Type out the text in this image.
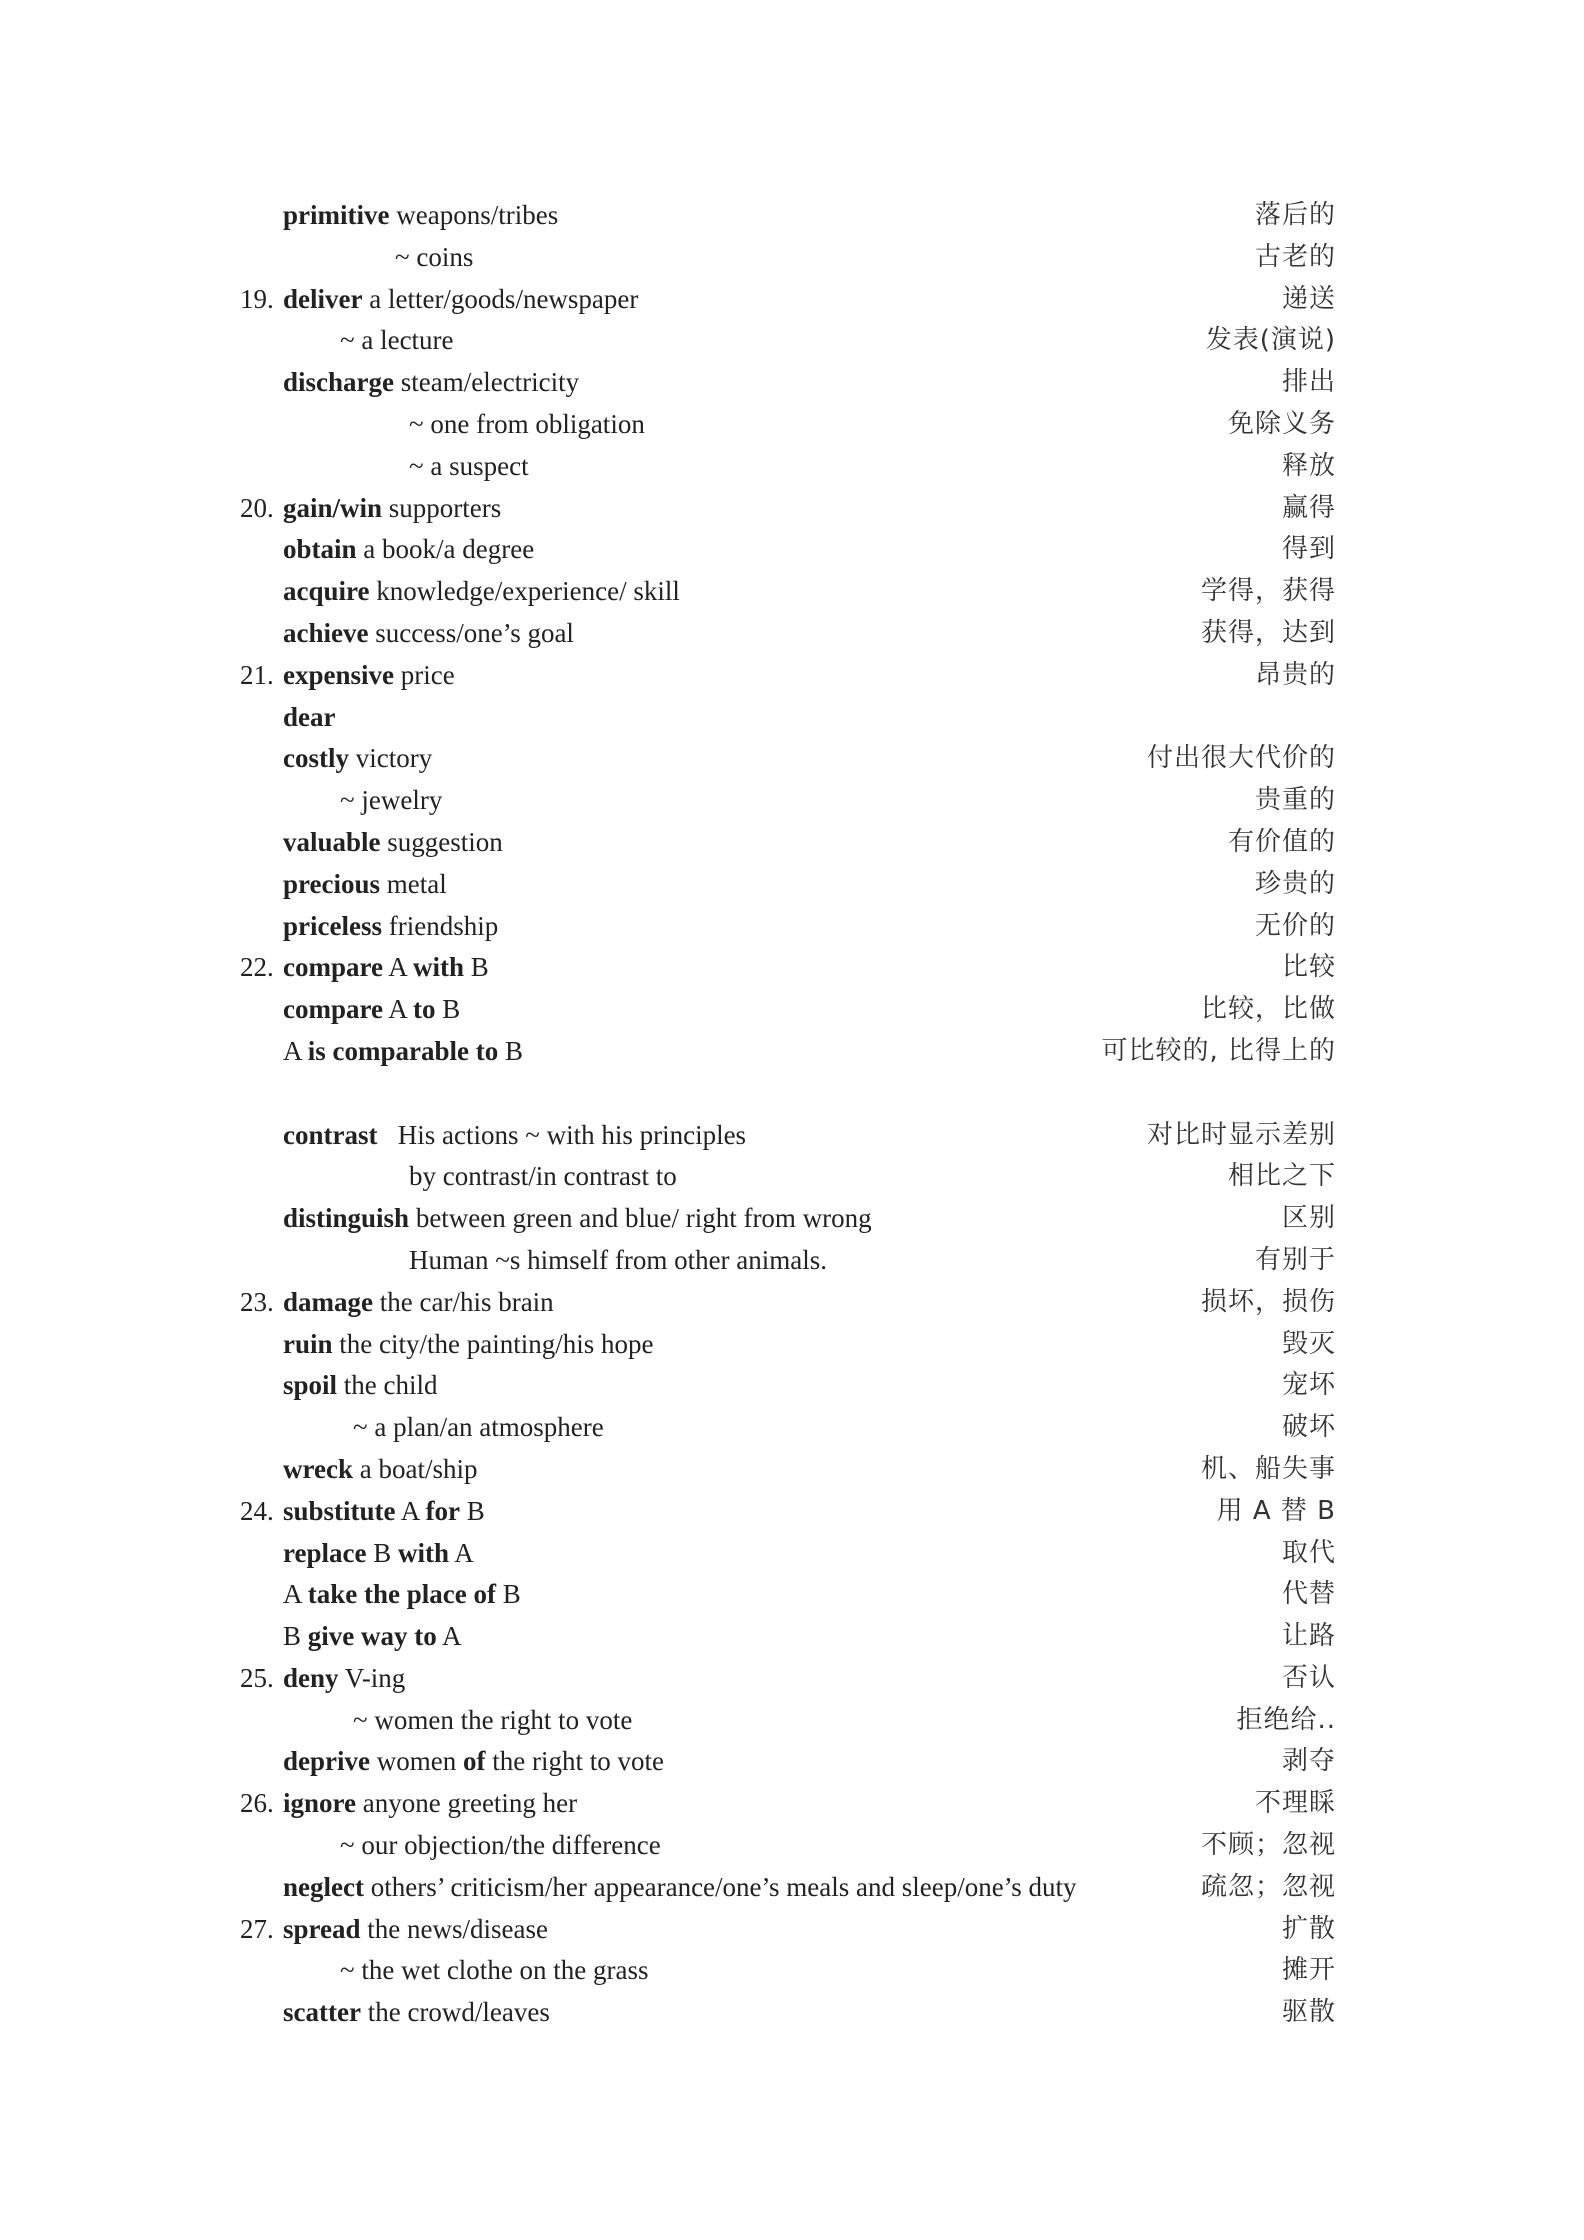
primitive weapons/tribes	落后的
~ coins	古老的
19. deliver a letter/goods/newspaper	递送
~ a lecture	发表(演说)
discharge steam/electricity	排出
~ one from obligation	免除义务
~ a suspect	释放
20. gain/win supporters	赢得
obtain a book/a degree	得到
acquire knowledge/experience/ skill	学得，获得
achieve success/one’s goal	获得，达到
21. expensive price	昂贵的
dear
costly victory	付出很大代价的
~ jewelry	贵重的
valuable suggestion	有价值的
precious metal	珍贵的
priceless friendship	无价的
22. compare A with B	比较
compare A to B	比较，比做
A is comparable to B	可比较的, 比得上的
contrast   His actions ~ with his principles	对比时显示差别
by contrast/in contrast to	相比之下
distinguish between green and blue/ right from wrong	区别
Human ~s himself from other animals.	有别于
23. damage the car/his brain	损坏，损伤
ruin the city/the painting/his hope	毁灭
spoil the child	宠坏
~ a plan/an atmosphere	破坏
wreck a boat/ship	机、船失事
24. substitute A for B	用 A 替 B
replace B with A	取代
A take the place of B	代替
B give way to A	让路
25. deny V-ing	否认
~ women the right to vote	拒绝给..
deprive women of the right to vote	剥夺
26. ignore anyone greeting her	不理睬
~ our objection/the difference	不顾；忽视
neglect others’ criticism/her appearance/one’s meals and sleep/one’s duty	疏忽；忽视
27. spread the news/disease	扩散
~ the wet clothe on the grass	摊开
scatter the crowd/leaves	驱散
